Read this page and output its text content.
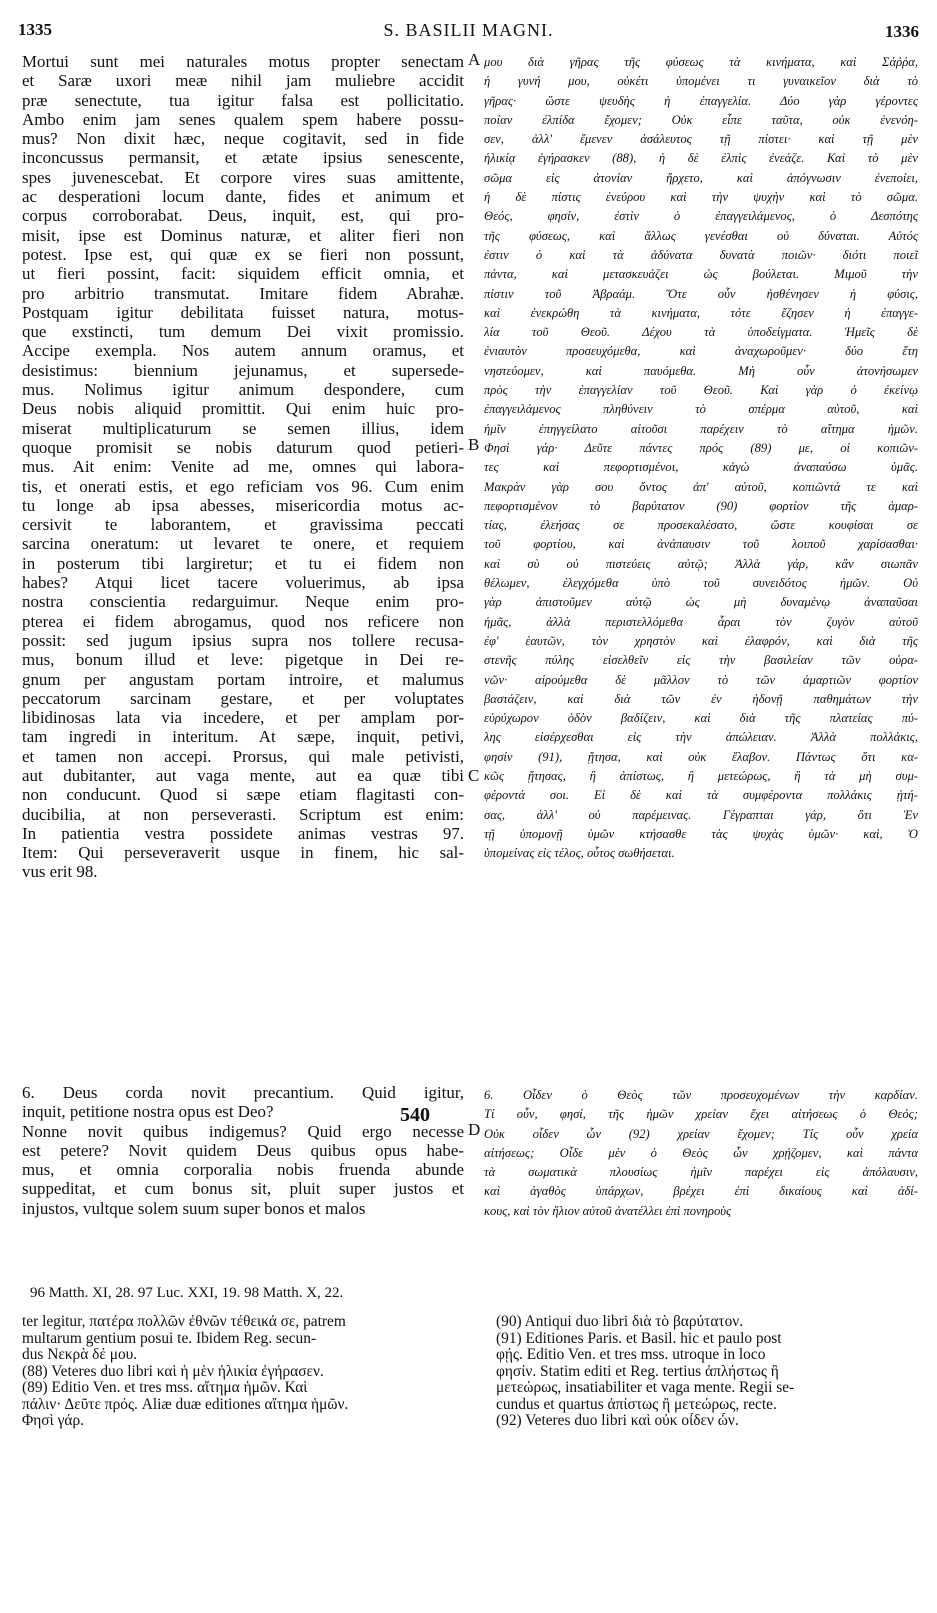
1335	S. BASILII MAGNI.	1336
Mortui sunt mei naturales motus propter senectam
et Saræ uxori meæ nihil jam muliebre accidit
præ senectute, tua igitur falsa est pollicitatio.
Ambo enim jam senes qualem spem habere possu-
mus? Non dixit hæc, neque cogitavit, sed in fide
inconcussus permansit, et ætate ipsius senescente,
spes juvenescebat. Et corpore vires suas amittente,
ac desperationi locum dante, fides et animum et
corpus corroborabat. Deus, inquit, est, qui pro-
misit, ipse est Dominus naturæ, et aliter fieri non
potest. Ipse est, qui quæ ex se fieri non possunt,
ut fieri possint, facit: siquidem efficit omnia, et
pro arbitrio transmutat. Imitare fidem Abrahæ.
Postquam igitur debilitata fuisset natura, motus-
que exstincti, tum demum Dei vixit promissio.
Accipe exempla. Nos autem annum oramus, et
desistimus: biennium jejunamus, et supersede-
mus. Nolimus igitur animum despondere, cum
Deus nobis aliquid promittit. Qui enim huic pro-
miserat multiplicaturum se semen illius, idem
quoque promisit se nobis daturum quod petieri-
mus. Ait enim: Venite ad me, omnes qui labora-
tis, et onerati estis, et ego reficiam vos 96. Cum enim
tu longe ab ipsa abesses, misericordia motus ac-
cersivit te laborantem, et gravissima peccati
sarcina oneratum: ut levaret te onere, et requiem
in posterum tibi largiretur; et tu ei fidem non
habes? Atqui licet tacere voluerimus, ab ipsa
nostra conscientia redarguimur. Neque enim pro-
pterea ei fidem abrogamus, quod nos reficere non
possit: sed jugum ipsius supra nos tollere recusa-
mus, bonum illud et leve: pigetque in Dei re-
gnum per angustam portam introire, et malumus
peccatorum sarcinam gestare, et per voluptates
libidinosas lata via incedere, et per amplam por-
tam ingredi in interitum. At sæpe, inquit, petivi,
et tamen non accepi. Prorsus, qui male petivisti,
aut dubitanter, aut vaga mente, aut ea quæ tibi
non conducunt. Quod si sæpe etiam flagitasti con-
ducibilia, at non perseverasti. Scriptum est enim:
In patientia vestra possidete animas vestras 97.
Item: Qui perseveraverit usque in finem, hic sal-
vus erit 98.
μου διὰ γῆρας τῆς φύσεως τὰ κινήματα, καὶ Σάῤῥα,
ἡ γυνή μου, οὐκέτι ὑπομένει τι γυναικεῖον διὰ τὸ
γῆρας· ὥστε ψευδὴς ἡ ἐπαγγελία. Δύο γὰρ γέροντες
ποίαν ἐλπίδα ἔχομεν; Οὐκ εἶπε ταῦτα, οὐκ ἐνενόη-
σεν, ἀλλ' ἔμενεν ἀσάλευτος τῇ πίστει· καὶ τῇ μὲν
ἡλικίᾳ ἐγήρασκεν (88), ἡ δὲ ἐλπὶς ἐνεάζε. Καὶ τὸ μὲν
σῶμα εἰς ἀτονίαν ἤρχετο, καὶ ἀπόγνωσιν ἐνεποίει,
ἡ δὲ πίστις ἐνεύρου καὶ τὴν ψυχὴν καὶ τὸ σῶμα.
Θεός, φησίν, ἐστὶν ὁ ἐπαγγειλάμενος, ὁ Δεσπότης
τῆς φύσεως, καὶ ἄλλως γενέσθαι οὐ δύναται. Αὐτός
ἐστιν ὁ καὶ τὰ ἀδύνατα δυνατὰ ποιῶν· διότι ποιεῖ
πάντα, καὶ μετασκευάζει ὡς βούλεται. Μιμοῦ τὴν
πίστιν τοῦ Ἀβραάμ. Ὅτε οὖν ἠσθένησεν ἡ φύσις,
καὶ ἐνεκρώθη τὰ κινήματα, τότε ἔζησεν ἡ ἐπαγγε-
λία τοῦ Θεοῦ. Δέχου τὰ ὑποδείγματα. Ἡμεῖς δὲ
ἐνιαυτὸν προσευχόμεθα, καὶ ἀναχωροῦμεν· δύο ἔτη
νηστεύομεν, καὶ παυόμεθα. Μὴ οὖν ἀτονήσωμεν
πρὸς τὴν ἐπαγγελίαν τοῦ Θεοῦ. Καὶ γὰρ ὁ ἐκείνῳ
ἐπαγγειλάμενος πληθύνειν τὸ σπέρμα αὐτοῦ, καὶ
ἡμῖν ἐπηγγείλατο αἰτοῦσι παρέχειν τὸ αἴτημα ἡμῶν.
Φησὶ γάρ· Δεῦτε πάντες πρός (89) με, οἱ κοπιῶν-
τες καὶ πεφορτισμένοι, κἀγὼ ἀναπαύσω ὑμᾶς.
Μακρὰν γὰρ σου ὄντος ἀπ' αὐτοῦ, κοπιῶντά τε καὶ
πεφορτισμένον τὸ βαρύτατον (90) φορτίον τῆς ἁμαρ-
τίας, ἐλεήσας σε προσεκαλέσατο, ὥστε κουφίσαι σε
τοῦ φορτίου, καὶ ἀνάπαυσιν τοῦ λοιποῦ χαρίσασθαι·
καὶ σὺ οὐ πιστεύεις αὐτῷ; Ἀλλὰ γάρ, κἂν σιωπᾶν
θέλωμεν, ἐλεγχόμεθα ὑπὸ τοῦ συνειδότος ἡμῶν. Οὐ
γὰρ ἀπιστοῦμεν αὐτῷ ὡς μὴ δυναμένῳ ἀναπαῦσαι
ἡμᾶς, ἀλλὰ περιστελλόμεθα ἆραι τὸν ζυγὸν αὐτοῦ
ἐφ' ἑαυτῶν, τὸν χρηστὸν καὶ ἐλαφρόν, καὶ διὰ τῆς
στενῆς πύλης εἰσελθεῖν εἰς τὴν βασιλείαν τῶν οὐρα-
νῶν· αἱρούμεθα δὲ μᾶλλον τὸ τῶν ἁμαρτιῶν φορτίον
βαστάζειν, καὶ διὰ τῶν ἐν ἡδονῇ παθημάτων τὴν
εὐρύχωρον ὁδὸν βαδίζειν, καὶ διὰ τῆς πλατείας πύ-
λης εἰσέρχεσθαι εἰς τὴν ἀπώλειαν. Ἀλλὰ πολλάκις,
φησίν (91), ᾔτησα, καὶ οὐκ ἔλαβον. Πάντως ὅτι κα-
κῶς ᾔτησας, ἢ ἀπίστως, ἢ μετεώρως, ἢ τὰ μὴ συμ-
φέροντά σοι. Εἰ δὲ καὶ τὰ συμφέροντα πολλάκις ᾐτή-
σας, ἀλλ' οὐ παρέμεινας. Γέγραπται γάρ, ὅτι Ἐν
τῇ ὑπομονῇ ὑμῶν κτήσασθε τὰς ψυχὰς ὑμῶν· καὶ, Ὁ
ὑπομείνας εἰς τέλος, οὗτος σωθήσεται.
A
B
C
D
540
6. Deus corda novit precantium. Quid igitur,
inquit, petitione nostra opus est Deo?
Nonne novit quibus indigemus? Quid ergo necesse
est petere? Novit quidem Deus quibus opus habe-
mus, et omnia corporalia nobis fruenda abunde
suppeditat, et cum bonus sit, pluit super justos et
injustos, vultque solem suum super bonos et malos
6. Οἶδεν ὁ Θεὸς τῶν προσευχομένων τὴν καρδίαν.
Τί οὖν, φησί, τῆς ἡμῶν χρείαν ἔχει αἰτήσεως ὁ Θεός;
Οὐκ οἶδεν ὧν (92) χρείαν ἔχομεν; Τίς οὖν χρεία
αἰτήσεως; Οἶδε μὲν ὁ Θεὸς ὧν χρῄζομεν, καὶ πάντα
τὰ σωματικὰ πλουσίως ἡμῖν παρέχει εἰς ἀπόλαυσιν,
καὶ ἀγαθὸς ὑπάρχων, βρέχει ἐπὶ δικαίους καὶ ἀδί-
κους, καὶ τὸν ἥλιον αὐτοῦ ἀνατέλλει ἐπὶ πονηροὺς
96 Matth. XI, 28. 97 Luc. XXI, 19. 98 Matth. X, 22.
ter legitur, πατέρα πολλῶν ἐθνῶν τέθεικά σε, patrem
multarum gentium posui te. Ibidem Reg. secun-
dus Νεκρὰ δέ μου.
(88) Veteres duo libri καὶ ἡ μὲν ἡλικία ἐγήρασεν.
(89) Editio Ven. et tres mss. αἴτημα ἡμῶν. Καὶ
πάλιν· Δεῦτε πρός. Aliæ duæ editiones αἴτημα ἡμῶν.
Φησὶ γάρ.
(90) Antiqui duo libri διὰ τὸ βαρύτατον.
(91) Editiones Paris. et Basil. hic et paulo post
φῄς. Editio Ven. et tres mss. utroque in loco
φησίν. Statim editi et Reg. tertius ἀπλήστως ἢ
μετεώρως, insatiabiliter et vaga mente. Regii se-
cundus et quartus ἀπίστως ἢ μετεώρως, recte.
(92) Veteres duo libri καὶ οὐκ οἶδεν ὧν.
